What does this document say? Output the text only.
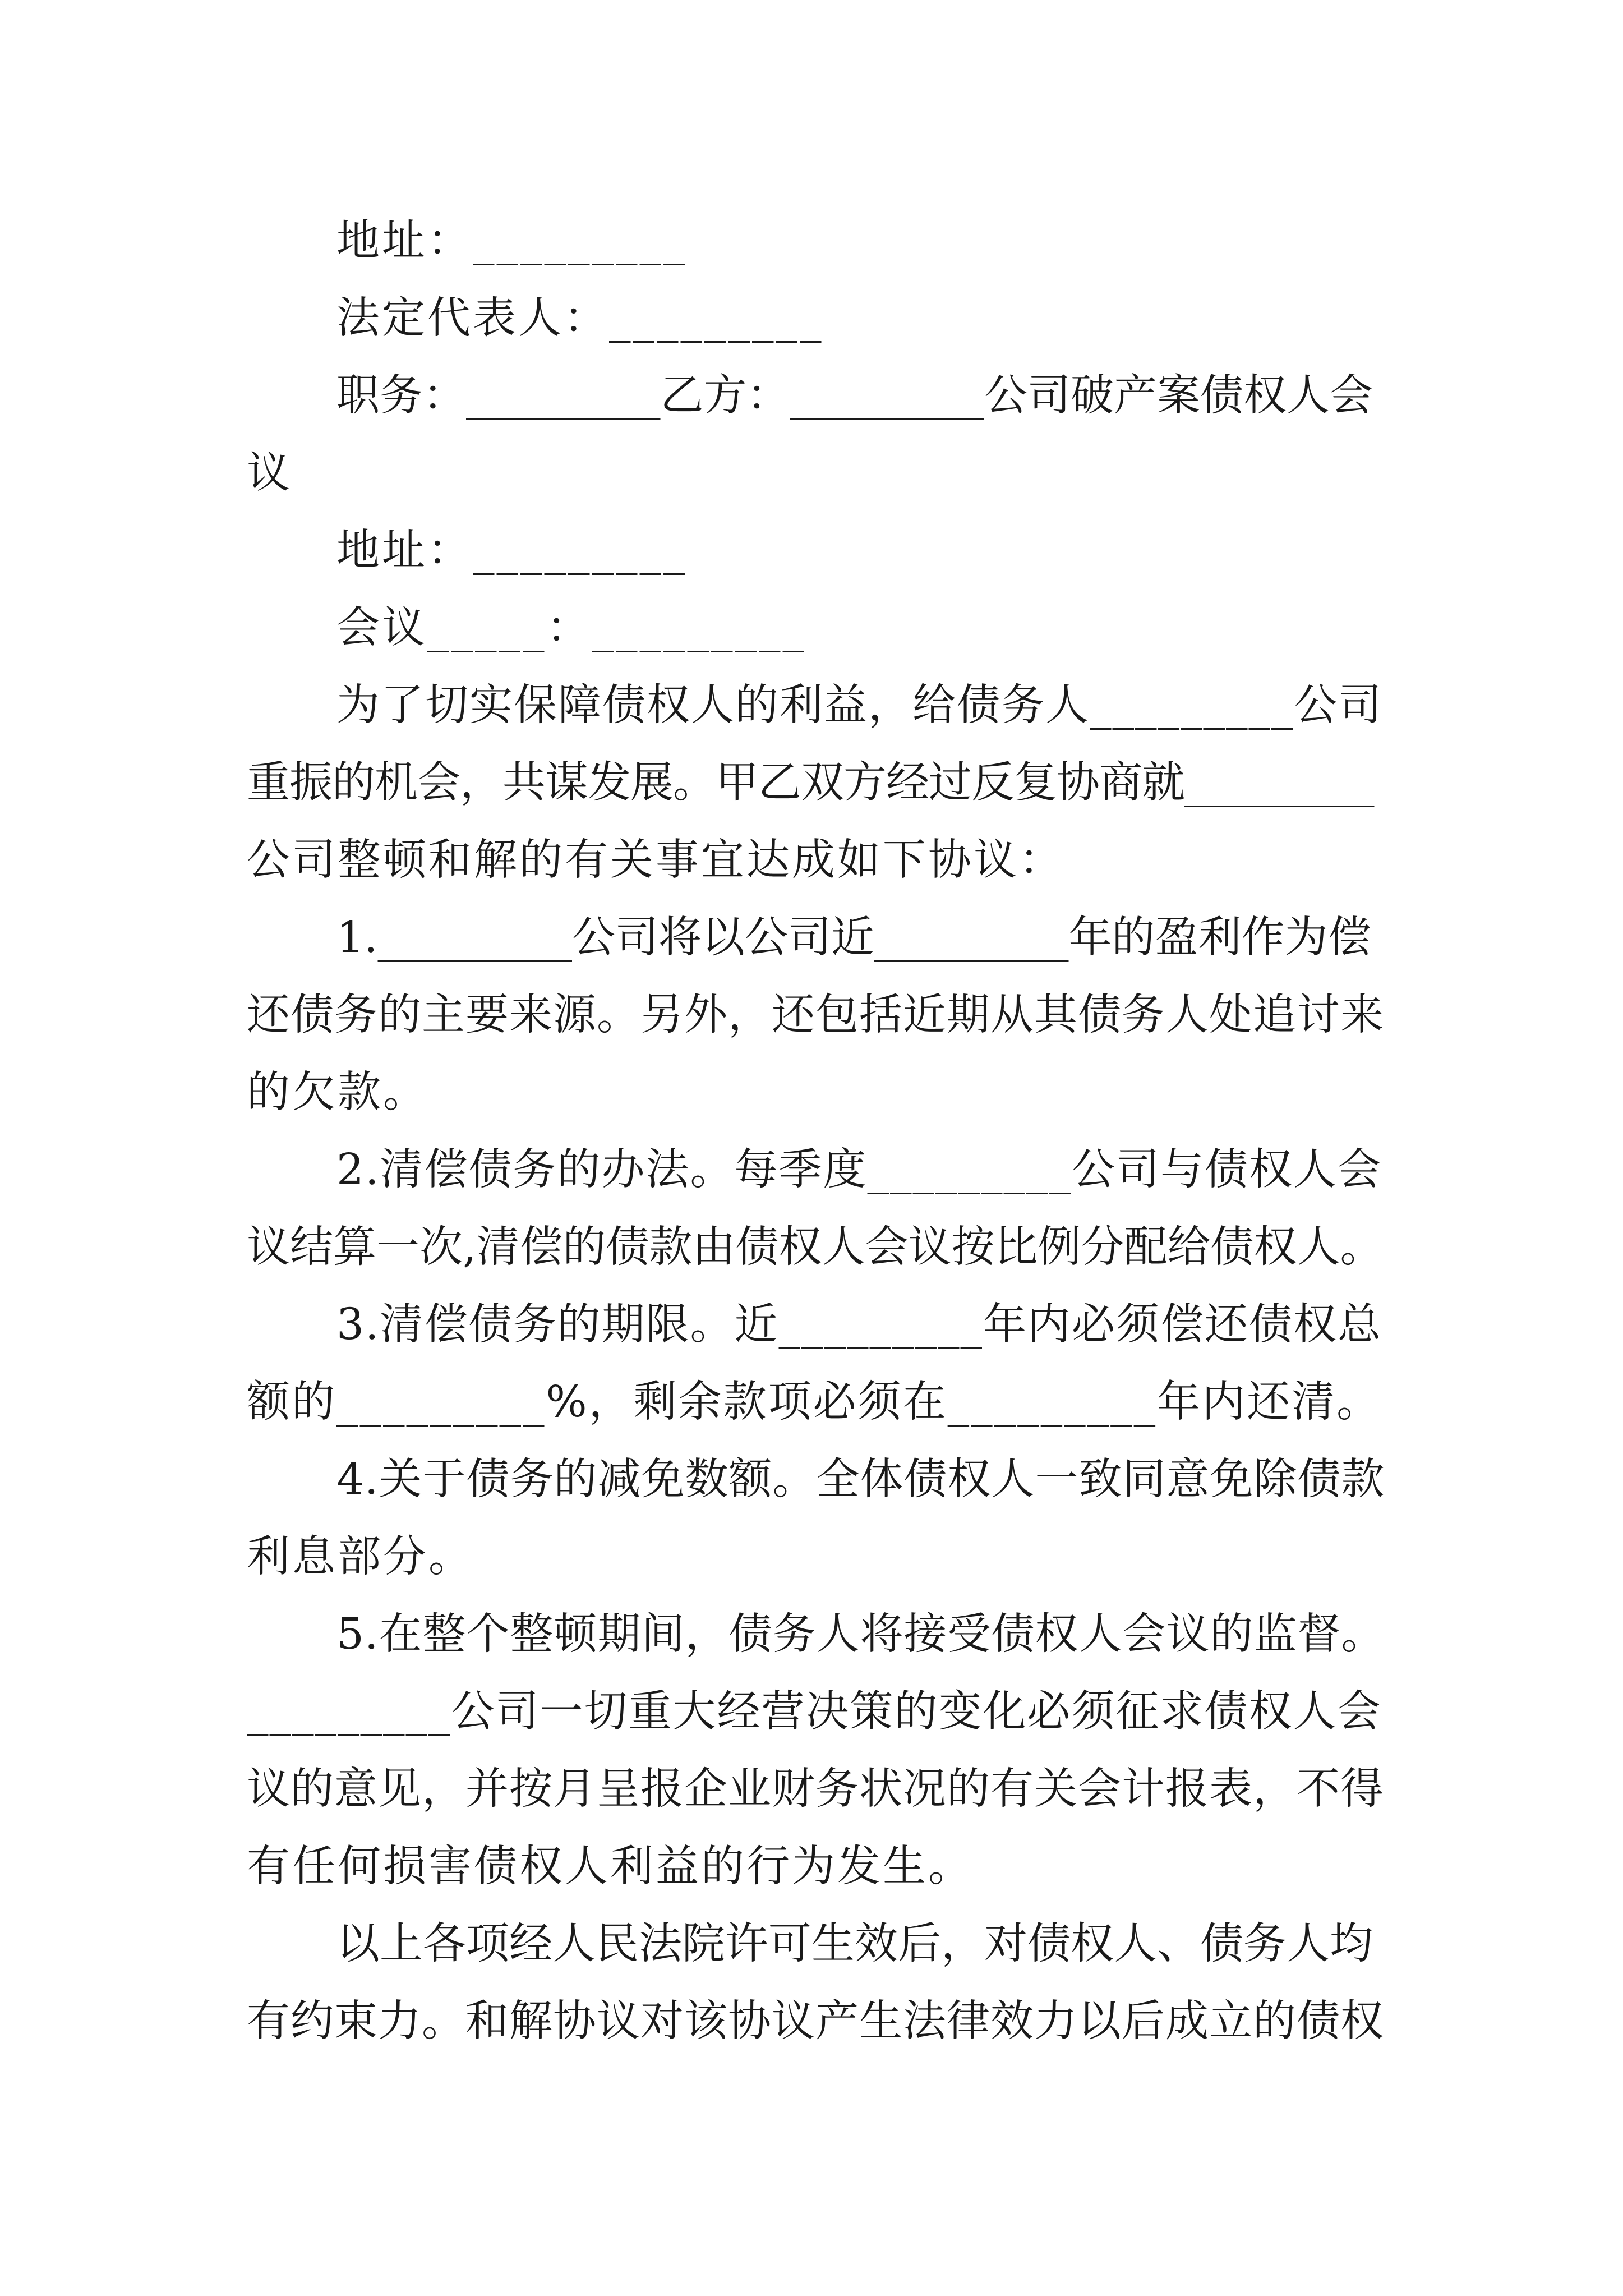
地址：_________
法定代表人：_________
职务：_________乙方：_________公司破产案债权人会
议
地址：_________
会议_____：_________
为了切实保障债权人的利益，给债务人_________公司
重振的机会，共谋发展。甲乙双方经过反复协商就_________
公司整顿和解的有关事宜达成如下协议：
1._________公司将以公司近_________年的盈利作为偿
还债务的主要来源。另外，还包括近期从其债务人处追讨来
的欠款。
2.清偿债务的办法。每季度_________公司与债权人会
议结算一次,清偿的债款由债权人会议按比例分配给债权人。
3.清偿债务的期限。近_________年内必须偿还债权总
额的_________%，剩余款项必须在_________年内还清。
4.关于债务的减免数额。全体债权人一致同意免除债款
利息部分。
5.在整个整顿期间，债务人将接受债权人会议的监督。
_________公司一切重大经营决策的变化必须征求债权人会
议的意见，并按月呈报企业财务状况的有关会计报表，不得
有任何损害债权人利益的行为发生。
以上各项经人民法院许可生效后，对债权人、债务人均
有约束力。和解协议对该协议产生法律效力以后成立的债权
